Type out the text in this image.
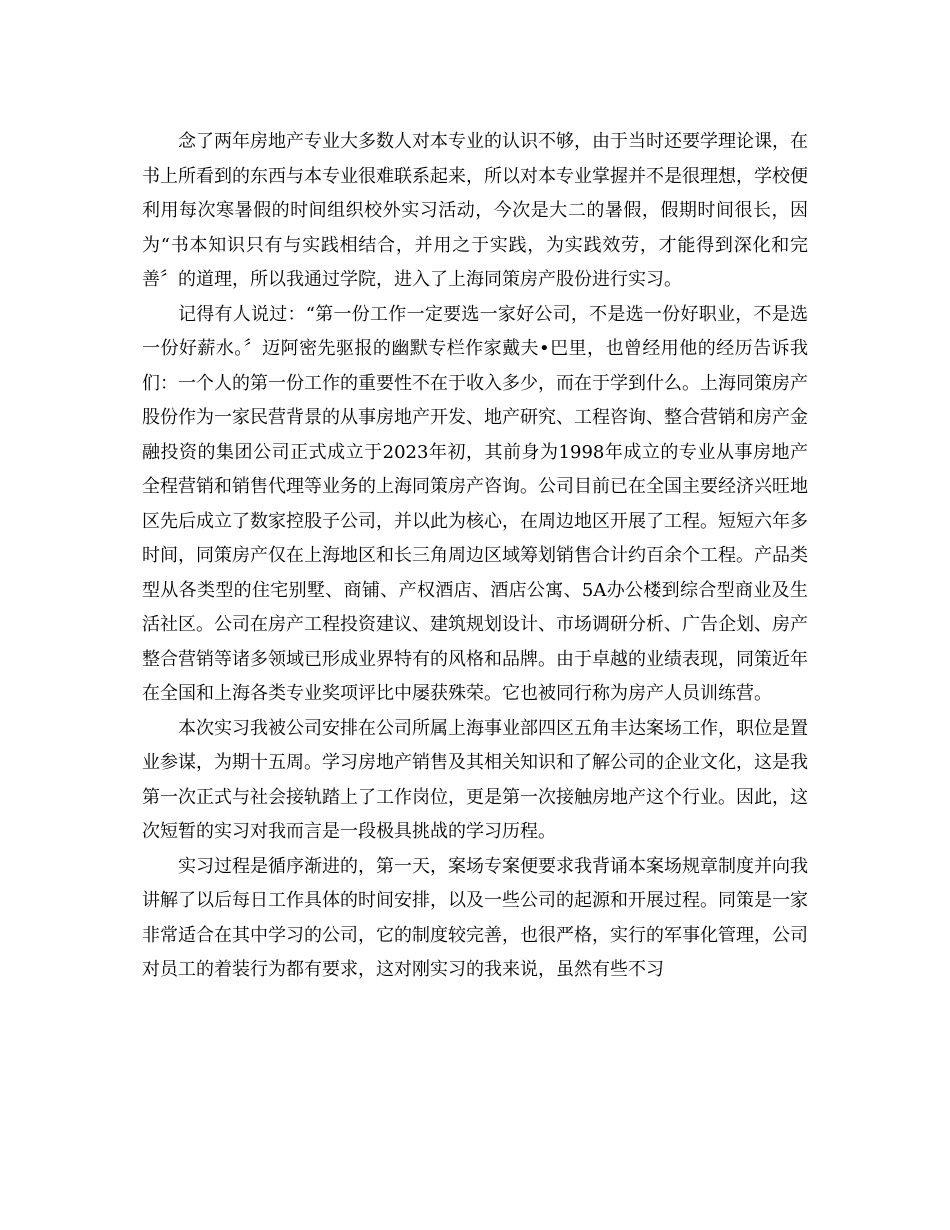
念了两年房地产专业大多数人对本专业的认识不够，由于当时还要学理论课，在书上所看到的东西与本专业很难联系起来，所以对本专业掌握并不是很理想，学校便利用每次寒暑假的时间组织校外实习活动，今次是大二的暑假，假期时间很长，因为“书本知识只有与实践相结合，并用之于实践，为实践效劳，才能得到深化和完善〞的道理，所以我通过学院，进入了上海同策房产股份进行实习。

记得有人说过：“第一份工作一定要选一家好公司，不是选一份好职业，不是选一份好薪水。〞迈阿密先驱报的幽默专栏作家戴夫•巴里，也曾经用他的经历告诉我们：一个人的第一份工作的重要性不在于收入多少，而在于学到什么。上海同策房产股份作为一家民营背景的从事房地产开发、地产研究、工程咨询、整合营销和房产金融投资的集团公司正式成立于2023年初，其前身为1998年成立的专业从事房地产全程营销和销售代理等业务的上海同策房产咨询。公司目前已在全国主要经济兴旺地区先后成立了数家控股子公司，并以此为核心，在周边地区开展了工程。短短六年多时间，同策房产仅在上海地区和长三角周边区域筹划销售合计约百余个工程。产品类型从各类型的住宅别墅、商铺、产权酒店、酒店公寓、5A办公楼到综合型商业及生活社区。公司在房产工程投资建议、建筑规划设计、市场调研分析、广告企划、房产整合营销等诸多领域已形成业界特有的风格和品牌。由于卓越的业绩表现，同策近年在全国和上海各类专业奖项评比中屡获殊荣。它也被同行称为房产人员训练营。

本次实习我被公司安排在公司所属上海事业部四区五角丰达案场工作，职位是置业参谋，为期十五周。学习房地产销售及其相关知识和了解公司的企业文化，这是我第一次正式与社会接轨踏上了工作岗位，更是第一次接触房地产这个行业。因此，这次短暂的实习对我而言是一段极具挑战的学习历程。

实习过程是循序渐进的，第一天，案场专案便要求我背诵本案场规章制度并向我讲解了以后每日工作具体的时间安排，以及一些公司的起源和开展过程。同策是一家非常适合在其中学习的公司，它的制度较完善，也很严格，实行的军事化管理，公司对员工的着装行为都有要求，这对刚实习的我来说，虽然有些不习
